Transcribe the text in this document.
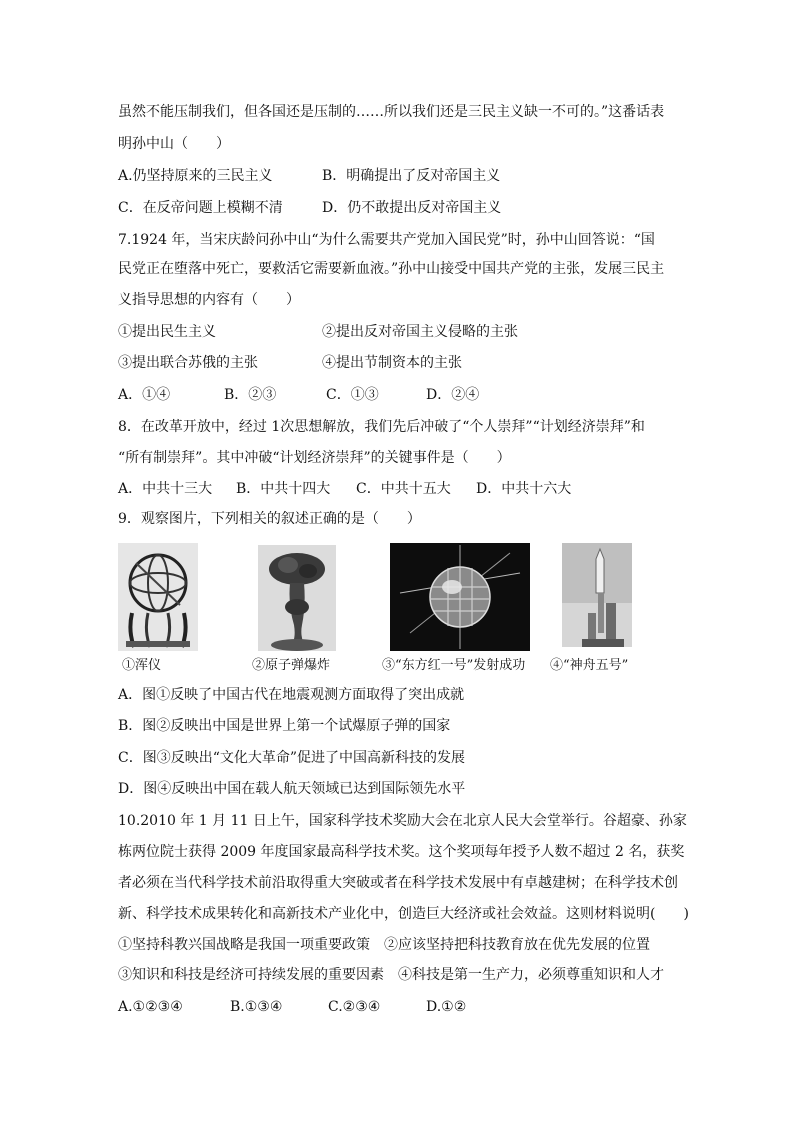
虽然不能压制我们，但各国还是压制的……所以我们还是三民主义缺一不可的。”这番话表
明孙中山（　　）
A.仍坚持原来的三民主义	B．明确提出了反对帝国主义
C．在反帝问题上模糊不清	D．仍不敢提出反对帝国主义
7.1924 年，当宋庆龄问孙中山“为什么需要共产党加入国民党”时，孙中山回答说：“国
民党正在堕落中死亡，要救活它需要新血液。”孙中山接受中国共产党的主张，发展三民主
义指导思想的内容有（　　）
①提出民生主义	②提出反对帝国主义侵略的主张
③提出联合苏俄的主张	④提出节制资本的主张
A．①④	B．②③	C．①③	D．②④
8．在改革开放中，经过 1次思想解放，我们先后冲破了“个人崇拜”“计划经济崇拜”和
“所有制崇拜”。其中冲破“计划经济崇拜”的关键事件是（　　）
A．中共十三大 B．中共十四大 C．中共十五大 D．中共十六大
9．观察图片，下列相关的叙述正确的是（　　）
①浑仪	②原子弹爆炸	③“东方红一号”发射成功 ④“神舟五号”
A．图①反映了中国古代在地震观测方面取得了突出成就
B．图②反映出中国是世界上第一个试爆原子弹的国家
C．图③反映出“文化大革命”促进了中国高新科技的发展
D．图④反映出中国在载人航天领域已达到国际领先水平
10.2010 年 1 月 11 日上午，国家科学技术奖励大会在北京人民大会堂举行。谷超豪、孙家
栋两位院士获得 2009 年度国家最高科学技术奖。这个奖项每年授予人数不超过 2 名，获奖
者必须在当代科学技术前沿取得重大突破或者在科学技术发展中有卓越建树；在科学技术创
新、科学技术成果转化和高新技术产业化中，创造巨大经济或社会效益。这则材料说明(　　)
①坚持科教兴国战略是我国一项重要政策　②应该坚持把科技教育放在优先发展的位置
③知识和科技是经济可持续发展的重要因素　④科技是第一生产力，必须尊重知识和人才
A.①②③④	B.①③④	C.②③④	D.①②
